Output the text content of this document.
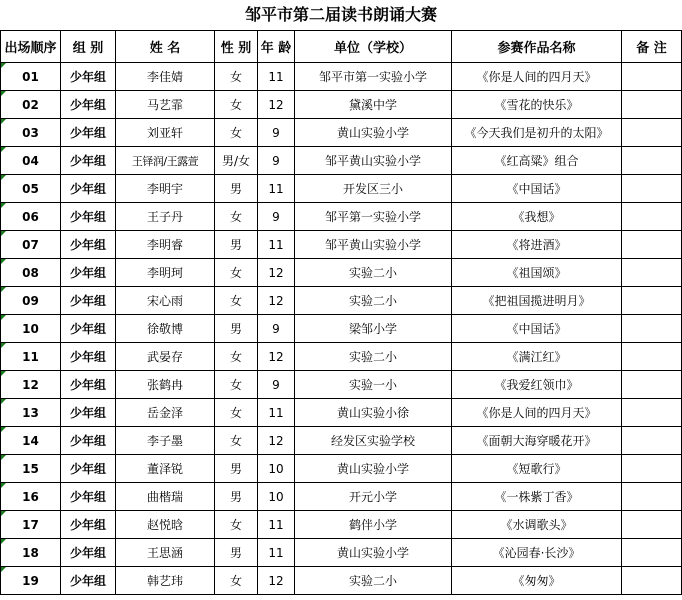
邹平市第二届读书朗诵大赛
出场顺序	组 别	姓 名	性 别	年 龄	单位（学校）	参赛作品名称	备 注
01	少年组	李佳婧	女	11	邹平市第一实验小学	《你是人间的四月天》	
02	少年组	马艺霏	女	12	黛溪中学	《雪花的快乐》	
03	少年组	刘亚轩	女	9	黄山实验小学	《今天我们是初升的太阳》	
04	少年组	王铎润/王露萱	男/女	9	邹平黄山实验小学	《红高粱》组合	
05	少年组	李明宇	男	11	开发区三小	《中国话》	
06	少年组	王子丹	女	9	邹平第一实验小学	《我想》	
07	少年组	李明睿	男	11	邹平黄山实验小学	《将进酒》	
08	少年组	李明珂	女	12	实验二小	《祖国颂》	
09	少年组	宋心雨	女	12	实验二小	《把祖国揽进明月》	
10	少年组	徐敬博	男	9	梁邹小学	《中国话》	
11	少年组	武晏存	女	12	实验二小	《满江红》	
12	少年组	张鹤冉	女	9	实验一小	《我爱红领巾》	
13	少年组	岳金泽	女	11	黄山实验小徐	《你是人间的四月天》	
14	少年组	李子墨	女	12	经发区实验学校	《面朝大海穿暖花开》	
15	少年组	董泽锐	男	10	黄山实验小学	《短歌行》	
16	少年组	曲楷瑞	男	10	开元小学	《一株紫丁香》	
17	少年组	赵悦晗	女	11	鹤伴小学	《水调歌头》	
18	少年组	王思涵	男	11	黄山实验小学	《沁园春·长沙》	
19	少年组	韩艺玮	女	12	实验二小	《匆匆》	
